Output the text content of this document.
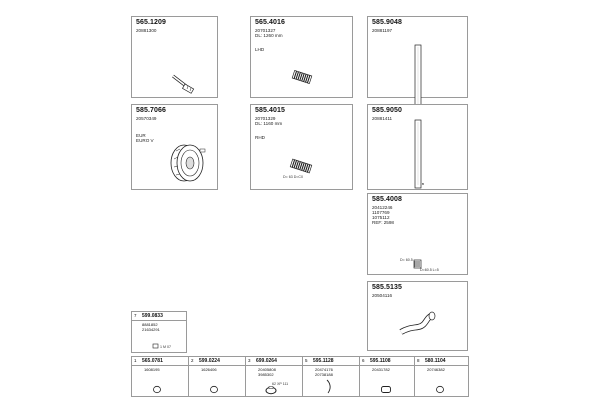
565.1209
20881300
565.4016
20701327
DL: 1260 mm
LHD
585.9048
20881197
585.7066
20570349
EUR
EURO V
585.4015
20701329
DL: 1160 mm
RHD
D= 63 D=C0
585.9050
20881411
B
585.4008
20412246
1107769
1075112
REF: 2598
D= 60.5
D=60.5 L=5
585.5135
20504116
7 599.0833
8881852
21634291
1 M 07
1 565.0781
1608195
2 599.0224
1626406
3 699.0264
20405808
3985302
62 XP 111
5 595.1128
20474176
20738188
6 595.1108
20431782
8 580.1104
20746382
